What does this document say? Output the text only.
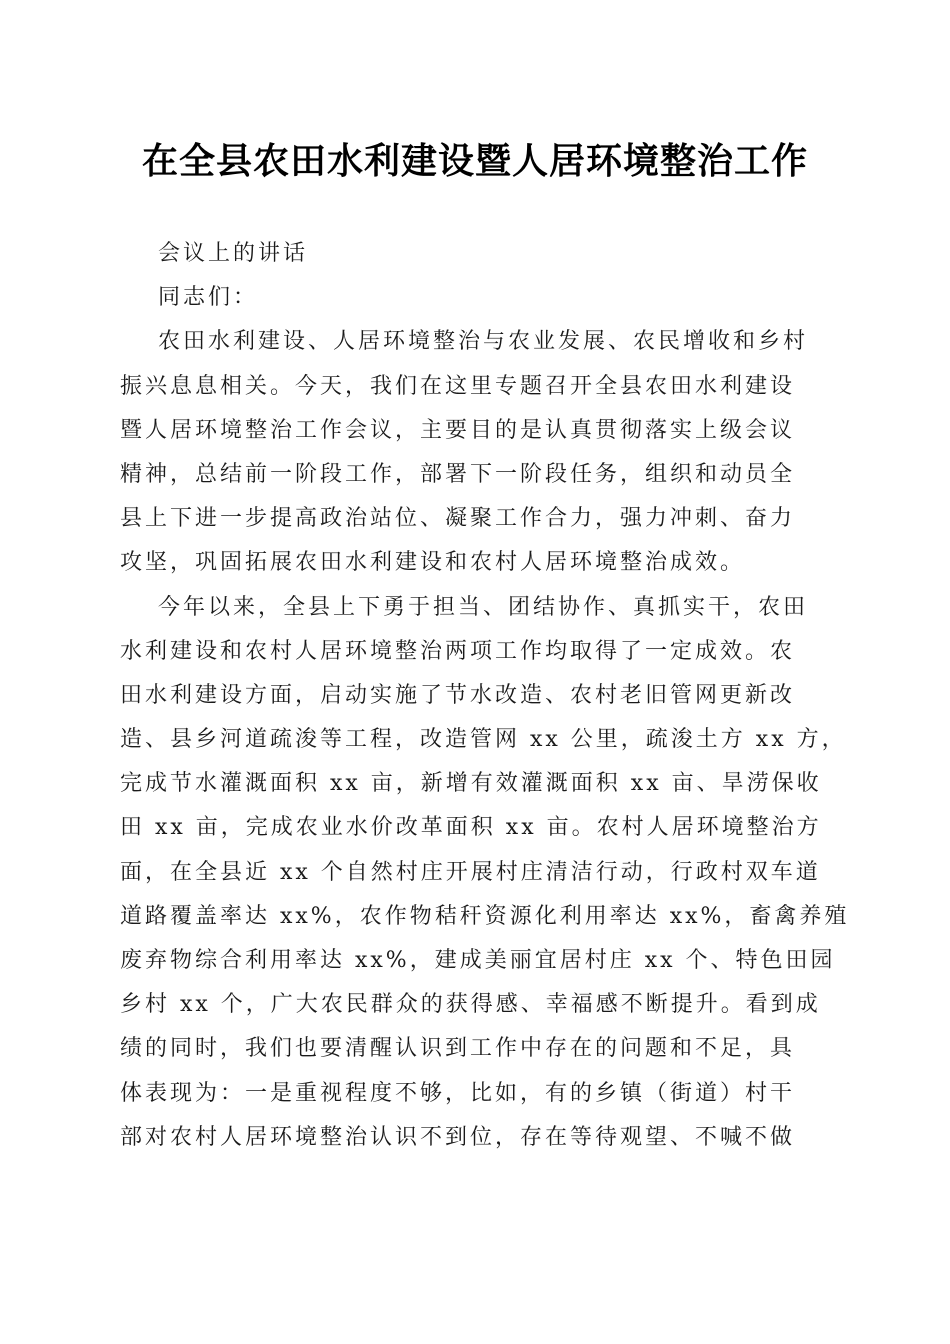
在全县农田水利建设暨人居环境整治工作
会议上的讲话
同志们：
农田水利建设、人居环境整治与农业发展、农民增收和乡村
振兴息息相关。今天，我们在这里专题召开全县农田水利建设
暨人居环境整治工作会议，主要目的是认真贯彻落实上级会议
精神，总结前一阶段工作，部署下一阶段任务，组织和动员全
县上下进一步提高政治站位、凝聚工作合力，强力冲刺、奋力
攻坚，巩固拓展农田水利建设和农村人居环境整治成效。
今年以来，全县上下勇于担当、团结协作、真抓实干，农田
水利建设和农村人居环境整治两项工作均取得了一定成效。农
田水利建设方面，启动实施了节水改造、农村老旧管网更新改
造、县乡河道疏浚等工程，改造管网 xx 公里，疏浚土方 xx 方，
完成节水灌溉面积 xx 亩，新增有效灌溉面积 xx 亩、旱涝保收
田 xx 亩，完成农业水价改革面积 xx 亩。农村人居环境整治方
面，在全县近 xx 个自然村庄开展村庄清洁行动，行政村双车道
道路覆盖率达 xx%，农作物秸秆资源化利用率达 xx%，畜禽养殖
废弃物综合利用率达 xx%，建成美丽宜居村庄 xx 个、特色田园
乡村 xx 个，广大农民群众的获得感、幸福感不断提升。看到成
绩的同时，我们也要清醒认识到工作中存在的问题和不足，具
体表现为：一是重视程度不够，比如，有的乡镇（街道）村干
部对农村人居环境整治认识不到位，存在等待观望、不喊不做
